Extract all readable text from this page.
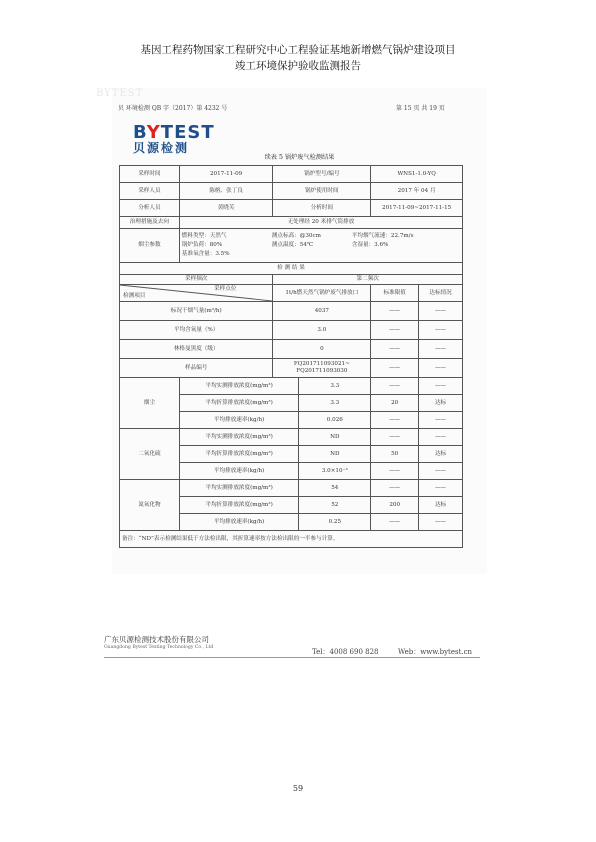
基因工程药物国家工程研究中心工程验证基地新增燃气锅炉建设项目
竣工环境保护验收监测报告
BYTEST
贝 环境检测 QB 字（2017）第 4232 号	第 15 页 共 19 页
BYTEST
贝源检测
续表 5 锅炉废气检测结果
采样时间	2017-11-09	锅炉型号/编号		WNS1-1.0-YQ	
采样人员	陈榕、张丁良	锅炉使用时间		2017 年 04 月	
分析人员	黄晓芙	分析时间		2017-11-09~2017-11-15	
治理措施及去向	无处理经 20 米排气筒排放				
烟尘参数	燃料类型：天然气 测点标高：@30cm 平均烟气流速：22.7m/s
锅炉负荷：80% 测点温度：54℃ 含湿量：3.6%
基准氧含量：3.5%				
检 测 结 果					
采样频次		第二频次			

采样点位
检测项目		1t/h燃天然气锅炉废气排放口		标准限值	达标情况
标况干烟气量(m³/h)		4037		——	——
平均含氧量（%）		3.0		——	——
林格曼黑度（级）		0		——	——
样品编号		FQ201711093021~
FQ201711093030		——	——
烟尘	平均实测排放浓度(mg/m³)		3.3	——	——
	平均折算排放浓度(mg/m³)		3.3	20	达标
	平均排放速率(kg/h)		0.026	——	——
二氧化硫	平均实测排放浓度(mg/m³)		ND	——	——
	平均折算排放浓度(mg/m³)		ND	50	达标
	平均排放速率(kg/h)		3.0×10⁻³	——	——
氮氧化物	平均实测排放浓度(mg/m³)		54	——	——
	平均折算排放浓度(mg/m³)		52	200	达标
	平均排放速率(kg/h)		0.25	——	——
备注：“ND”表示检测结果低于方法检出限，其折算速率按方法检出限的一半参与计算。					
广东贝源检测技术股份有限公司
Guangdong Bytest Testing Technology Co., Ltd
Tel：4008 690 828	Web：www.bytest.cn
59
